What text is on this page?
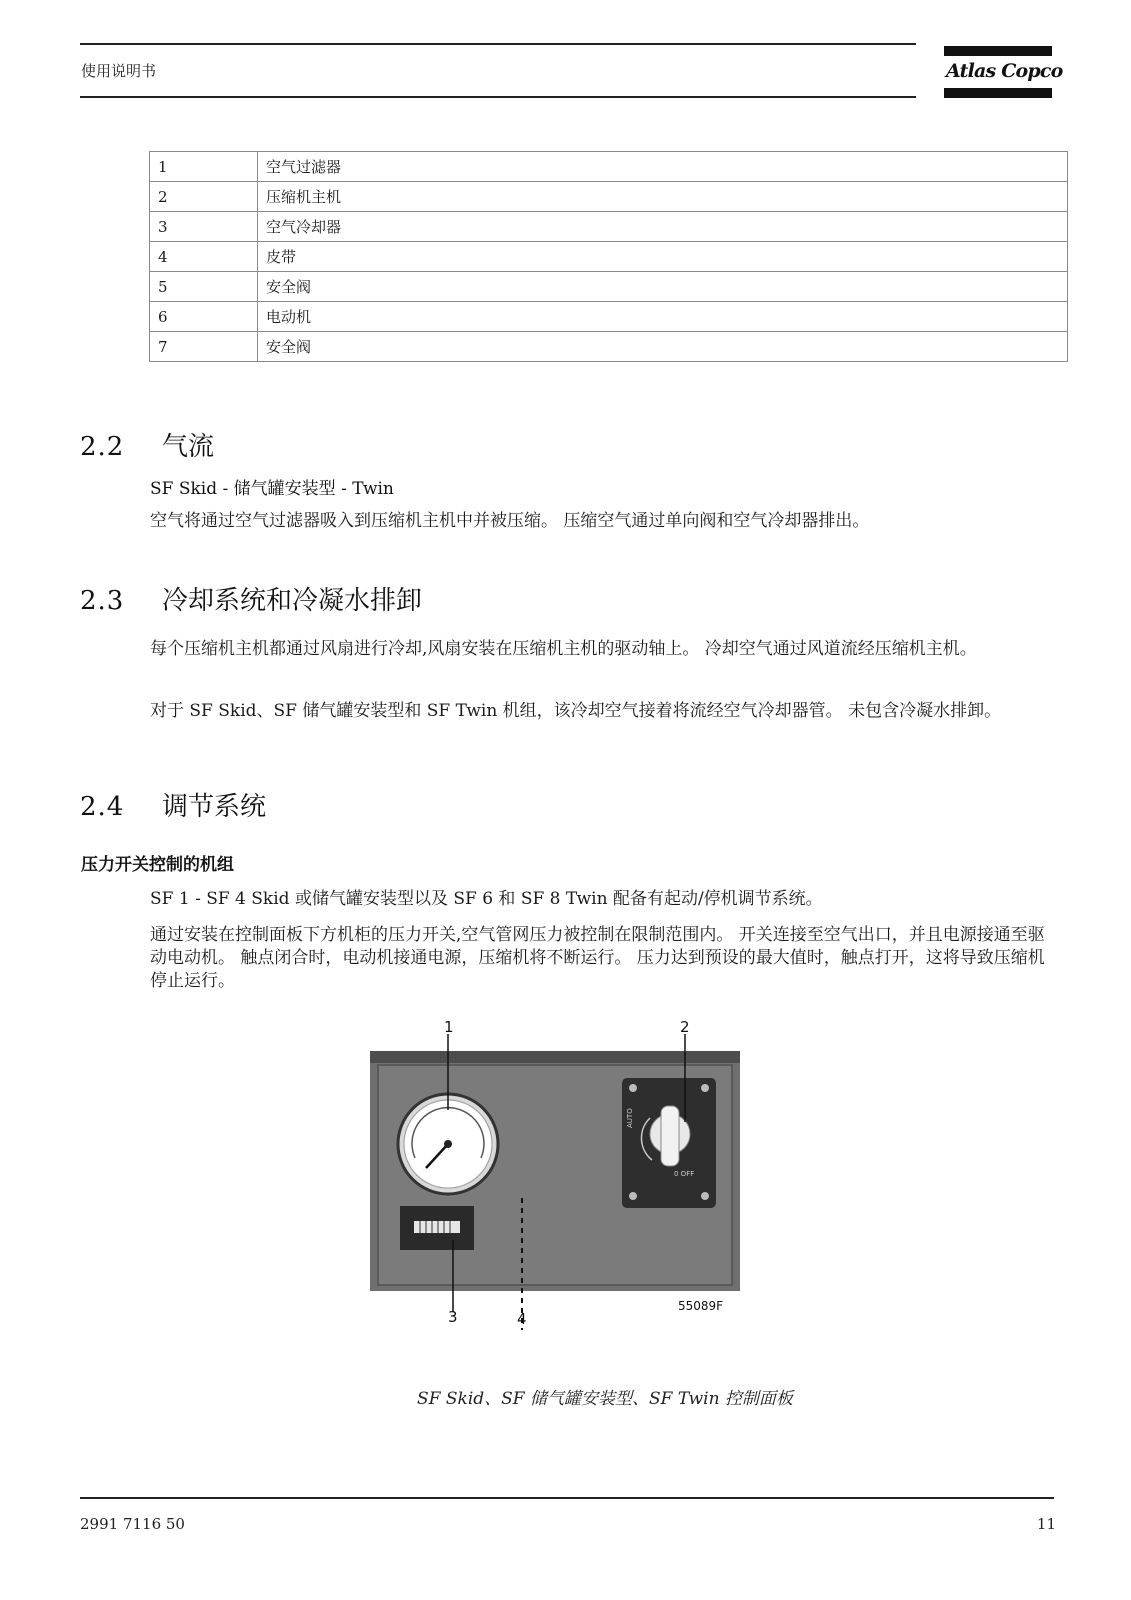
使用说明书	Atlas Copco
1	空气过滤器
2	压缩机主机
3	空气冷却器
4	皮带
5	安全阀
6	电动机
7	安全阀
2.2 气流
SF Skid - 储气罐安装型 - Twin
空气将通过空气过滤器吸入到压缩机主机中并被压缩。 压缩空气通过单向阀和空气冷却器排出。
2.3 冷却系统和冷凝水排卸
每个压缩机主机都通过风扇进行冷却,风扇安装在压缩机主机的驱动轴上。 冷却空气通过风道流经压缩机主机。
对于 SF Skid、SF 储气罐安装型和 SF Twin 机组，该冷却空气接着将流经空气冷却器管。 未包含冷凝水排卸。
2.4 调节系统
压力开关控制的机组
SF 1 - SF 4 Skid 或储气罐安装型以及 SF 6 和 SF 8 Twin 配备有起动/停机调节系统。
通过安装在控制面板下方机柜的压力开关,空气管网压力被控制在限制范围内。 开关连接至空气出口，并且电源接通至驱动电动机。 触点闭合时，电动机接通电源，压缩机将不断运行。 压力达到预设的最大值时，触点打开，这将导致压缩机停止运行。
AUTO
0 OFF
1	2
3	4
55089F
SF Skid、SF 储气罐安装型、SF Twin 控制面板
2991 7116 50	11
